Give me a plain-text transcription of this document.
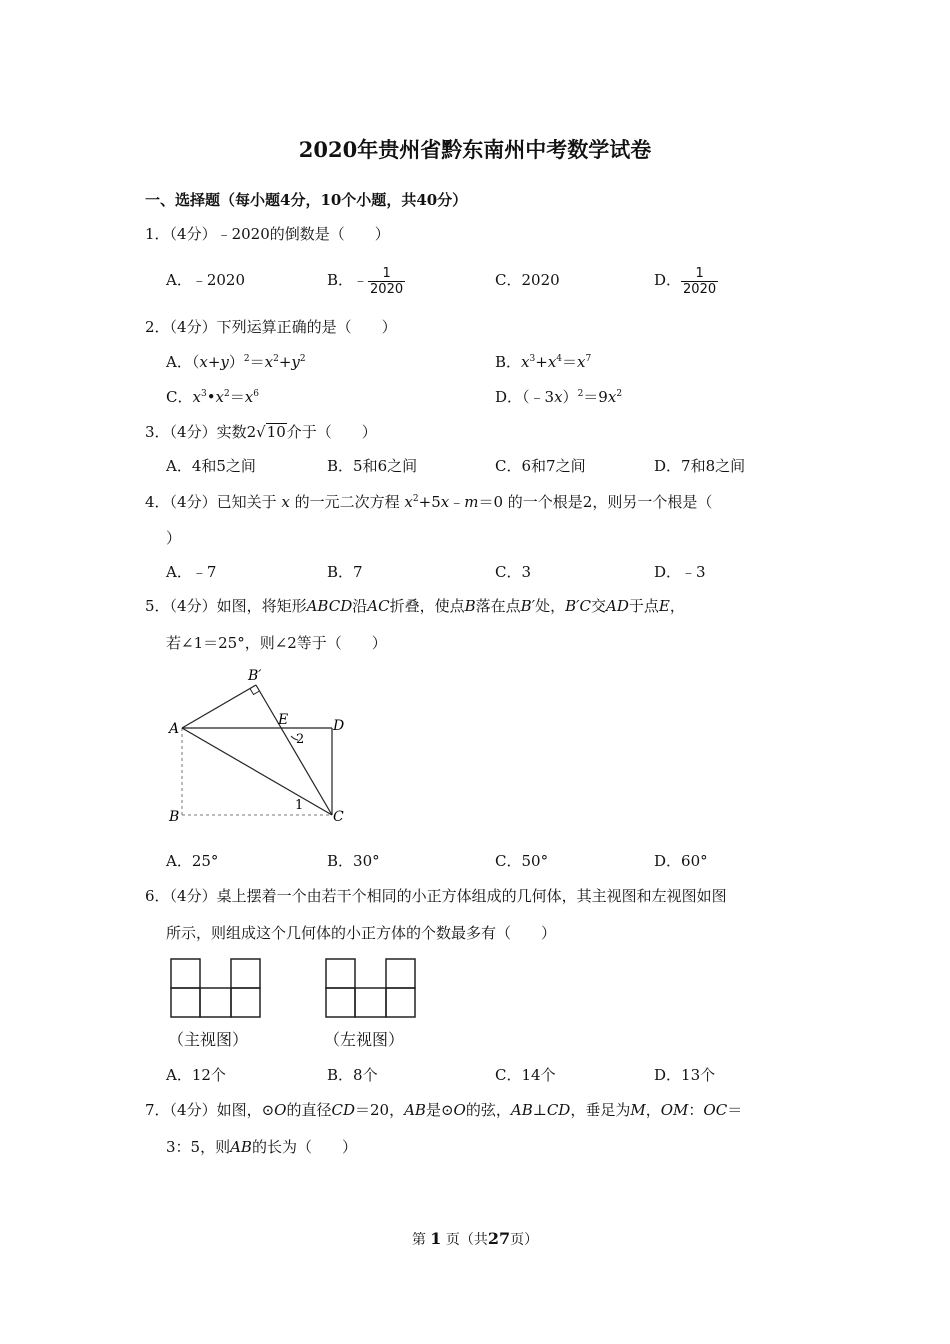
2020年贵州省黔东南州中考数学试卷
一、选择题（每小题4分，10个小题，共40分）
1．（4分）﹣2020的倒数是（　　）
A．﹣2020	B．﹣ $\frac{1}{2020}$	C．2020	D． $\frac{1}{2020}$
2．（4分）下列运算正确的是（　　）
A．$(x+y)^2=x^2+y^2$	B．$x^3+x^4=x^7$
C．$x^3•x^2=x^6$	D．$(﹣3x)^2=9x^2$
3．（4分）实数2√10介于（　　）
A．4和5之间	B．5和6之间	C．6和7之间	D．7和8之间
4．（4分）已知关于 x 的一元二次方程 $x^2+5x﹣m=0$ 的一个根是2，则另一个根是（
）
A．﹣7	B．7	C．3	D．﹣3
5．（4分）如图，将矩形ABCD沿AC折叠，使点B落在点B′处，B′C交AD于点E，
若∠1＝25°，则∠2等于（　　）
A
B	C
D
E
B′
1
2
A．25°	B．30°	C．50°	D．60°
6．（4分）桌上摆着一个由若干个相同的小正方体组成的几何体，其主视图和左视图如图
所示，则组成这个几何体的小正方体的个数最多有（　　）
（主视图）	（左视图）
A．12个	B．8个	C．14个	D．13个
7．（4分）如图，⊙O的直径CD＝20，AB是⊙O的弦，AB⊥CD，垂足为M，OM：OC＝
3：5，则AB的长为（　　）
第 1 页（共27页）
